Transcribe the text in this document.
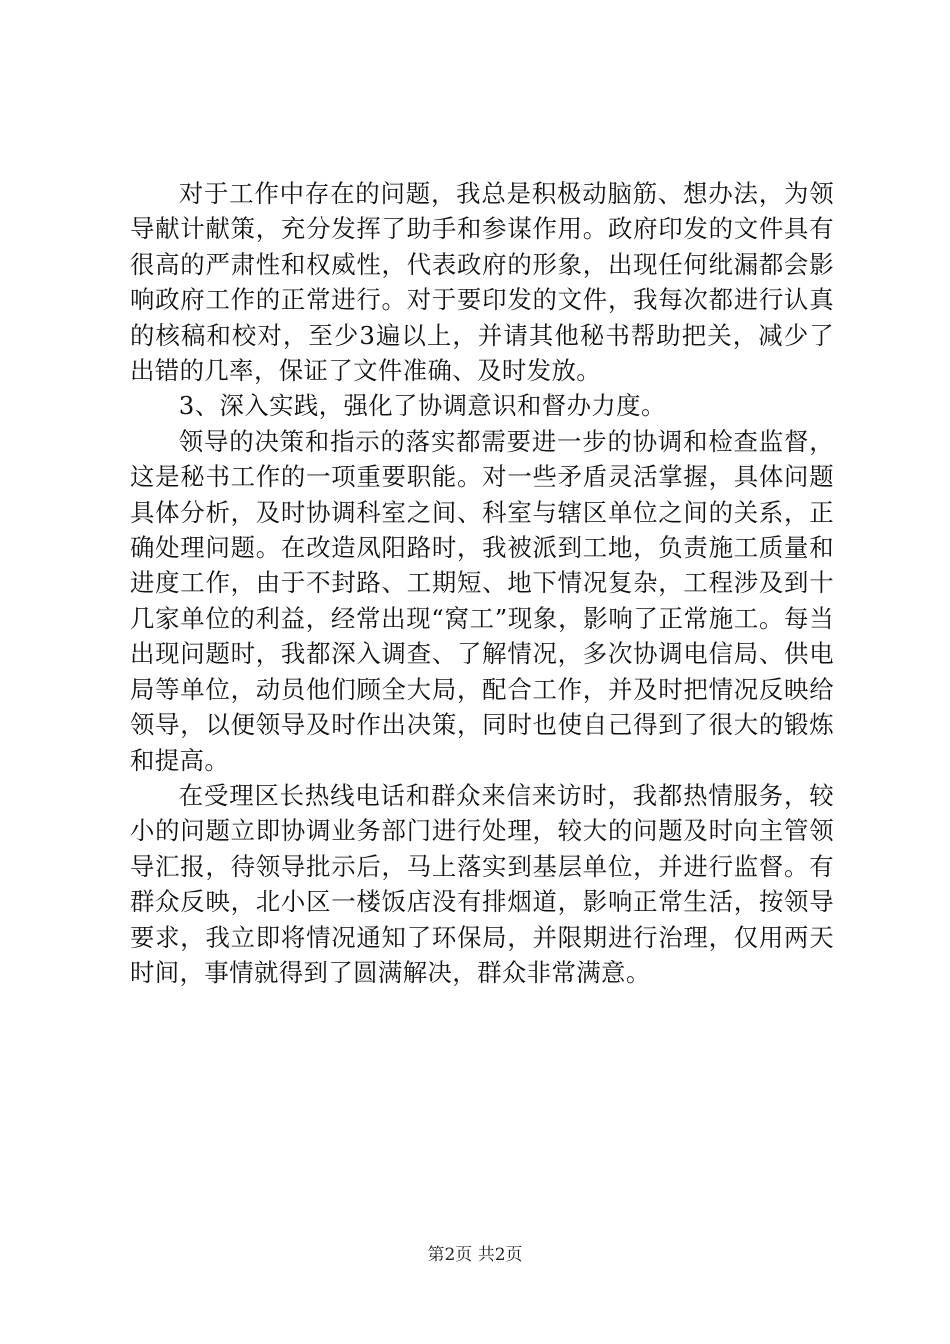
对于工作中存在的问题，我总是积极动脑筋、想办法，为领导献计献策，充分发挥了助手和参谋作用。政府印发的文件具有很高的严肃性和权威性，代表政府的形象，出现任何纰漏都会影响政府工作的正常进行。对于要印发的文件，我每次都进行认真的核稿和校对，至少3遍以上，并请其他秘书帮助把关，减少了出错的几率，保证了文件准确、及时发放。

3、深入实践，强化了协调意识和督办力度。

领导的决策和指示的落实都需要进一步的协调和检查监督，这是秘书工作的一项重要职能。对一些矛盾灵活掌握，具体问题具体分析，及时协调科室之间、科室与辖区单位之间的关系，正确处理问题。在改造凤阳路时，我被派到工地，负责施工质量和进度工作，由于不封路、工期短、地下情况复杂，工程涉及到十几家单位的利益，经常出现“窝工”现象，影响了正常施工。每当出现问题时，我都深入调查、了解情况，多次协调电信局、供电局等单位，动员他们顾全大局，配合工作，并及时把情况反映给领导，以便领导及时作出决策，同时也使自己得到了很大的锻炼和提高。

在受理区长热线电话和群众来信来访时，我都热情服务，较小的问题立即协调业务部门进行处理，较大的问题及时向主管领导汇报，待领导批示后，马上落实到基层单位，并进行监督。有群众反映，北小区一楼饭店没有排烟道，影响正常生活，按领导要求，我立即将情况通知了环保局，并限期进行治理，仅用两天时间，事情就得到了圆满解决，群众非常满意。

第2页 共2页
